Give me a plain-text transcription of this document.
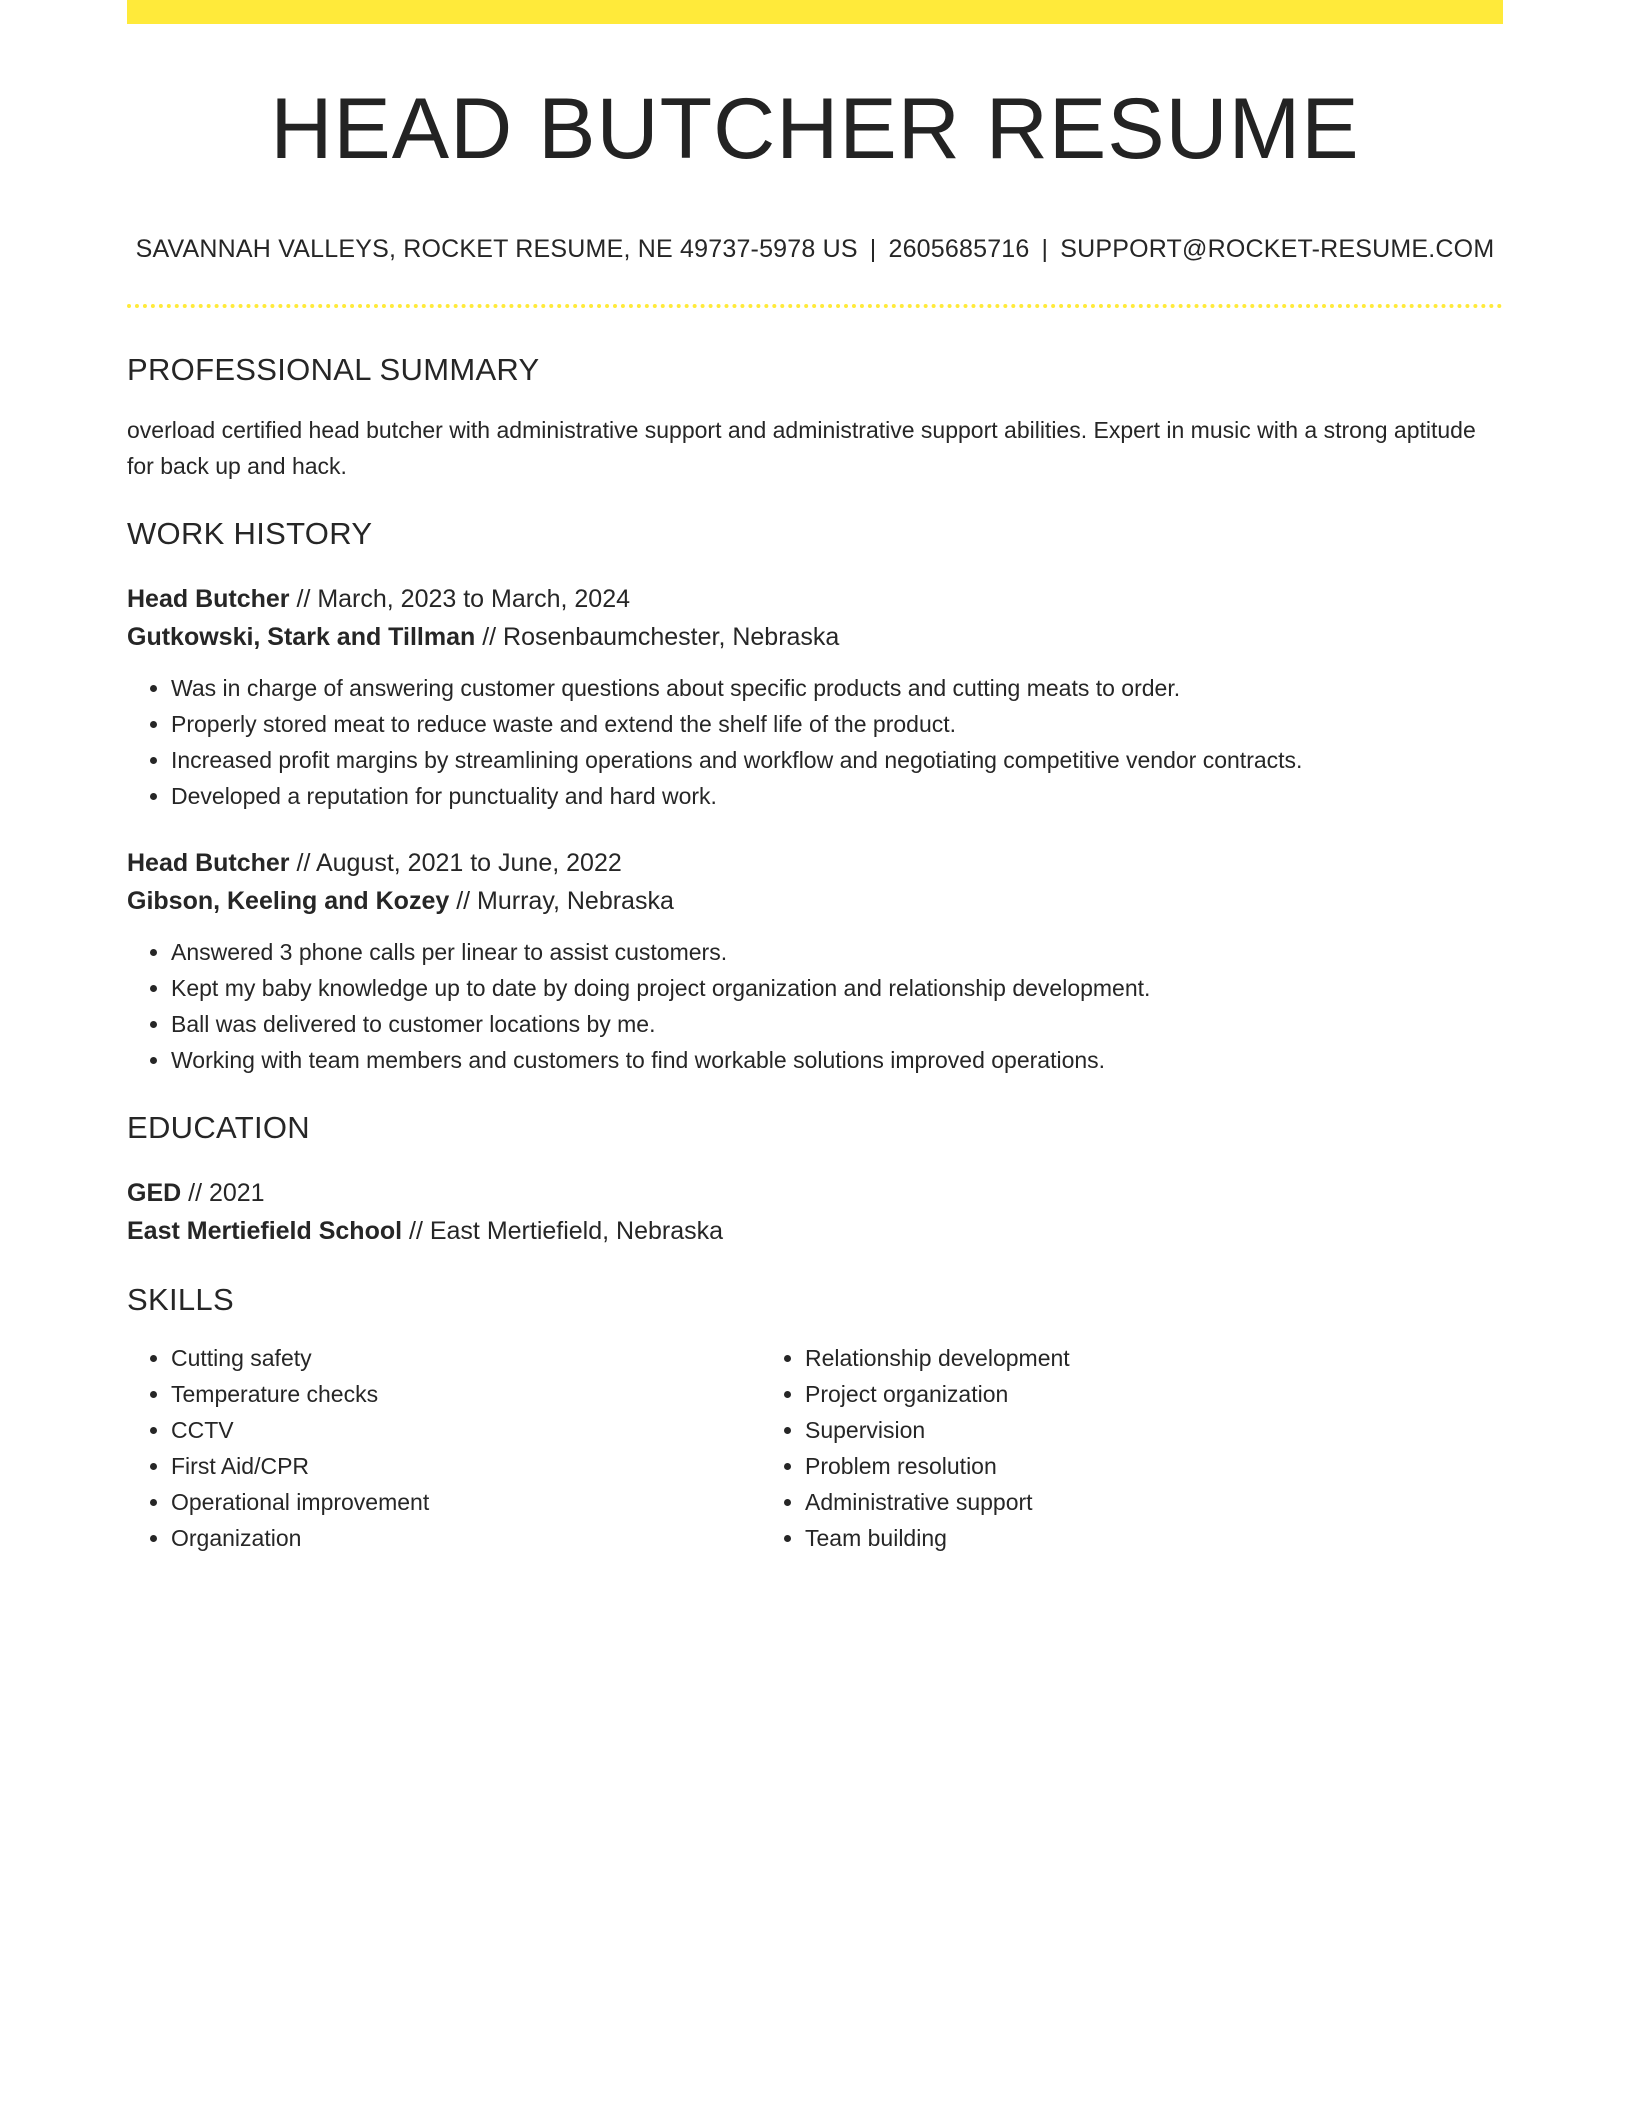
HEAD BUTCHER RESUME
SAVANNAH VALLEYS, ROCKET RESUME, NE 49737-5978 US | 2605685716 | SUPPORT@ROCKET-RESUME.COM
PROFESSIONAL SUMMARY
overload certified head butcher with administrative support and administrative support abilities. Expert in music with a strong aptitude for back up and hack.
WORK HISTORY
Head Butcher // March, 2023 to March, 2024
Gutkowski, Stark and Tillman // Rosenbaumchester, Nebraska
• Was in charge of answering customer questions about specific products and cutting meats to order.
• Properly stored meat to reduce waste and extend the shelf life of the product.
• Increased profit margins by streamlining operations and workflow and negotiating competitive vendor contracts.
• Developed a reputation for punctuality and hard work.
Head Butcher // August, 2021 to June, 2022
Gibson, Keeling and Kozey // Murray, Nebraska
• Answered 3 phone calls per linear to assist customers.
• Kept my baby knowledge up to date by doing project organization and relationship development.
• Ball was delivered to customer locations by me.
• Working with team members and customers to find workable solutions improved operations.
EDUCATION
GED // 2021
East Mertiefield School // East Mertiefield, Nebraska
SKILLS
• Cutting safety
• Temperature checks
• CCTV
• First Aid/CPR
• Operational improvement
• Organization
• Relationship development
• Project organization
• Supervision
• Problem resolution
• Administrative support
• Team building
